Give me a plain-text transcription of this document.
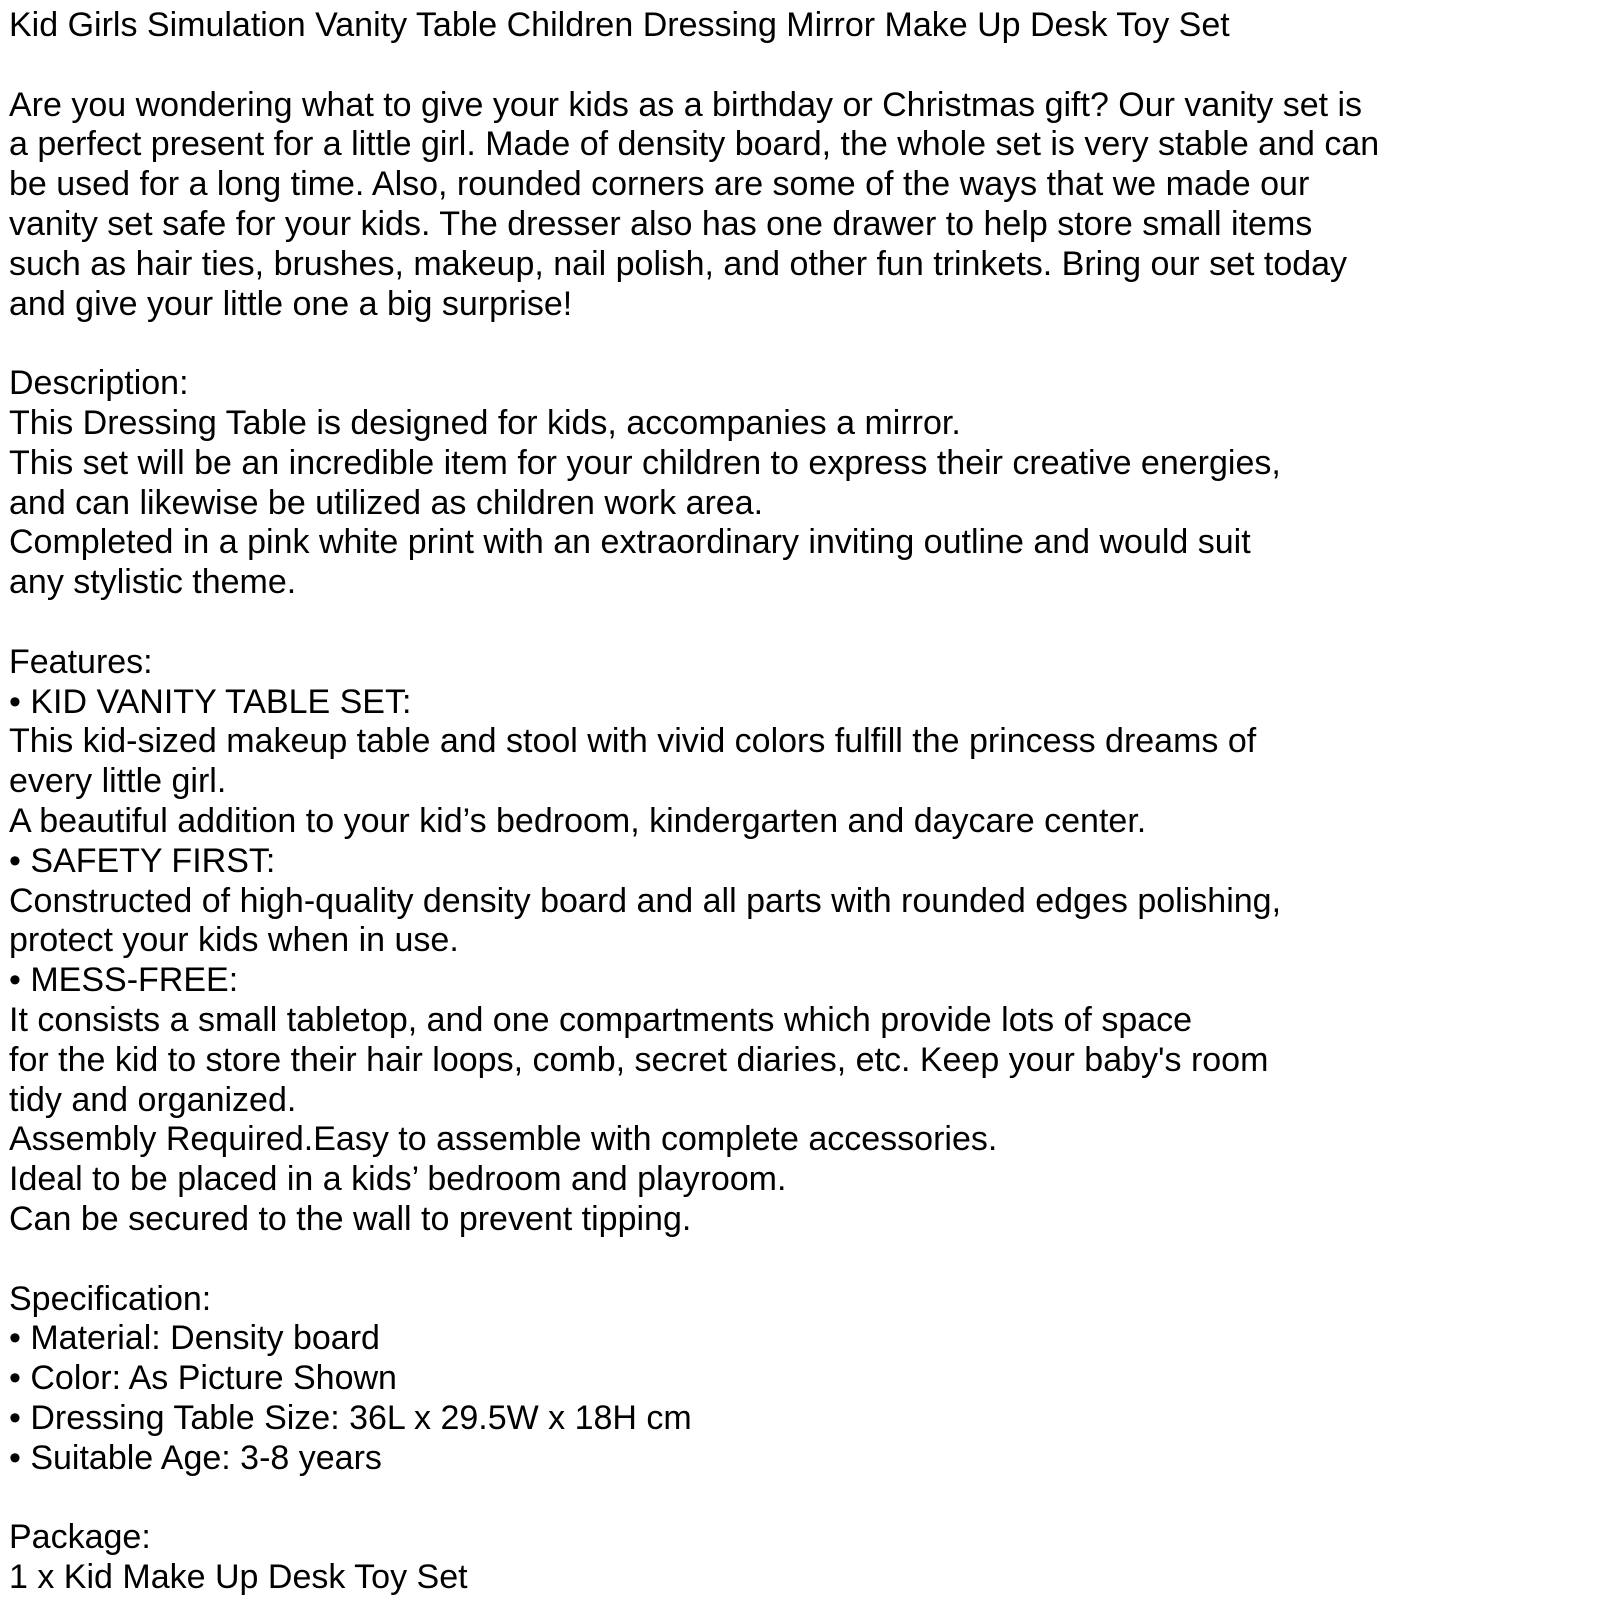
Kid Girls Simulation Vanity Table Children Dressing Mirror Make Up Desk Toy Set
Are you wondering what to give your kids as a birthday or Christmas gift? Our vanity set is
a perfect present for a little girl. Made of density board, the whole set is very stable and can
be used for a long time. Also, rounded corners are some of the ways that we made our
vanity set safe for your kids. The dresser also has one drawer to help store small items
such as hair ties, brushes, makeup, nail polish, and other fun trinkets. Bring our set today
and give your little one a big surprise!
Description:
This Dressing Table is designed for kids, accompanies a mirror.
This set will be an incredible item for your children to express their creative energies,
and can likewise be utilized as children work area.
Completed in a pink white print with an extraordinary inviting outline and would suit
any stylistic theme.
Features:
• KID VANITY TABLE SET:
This kid-sized makeup table and stool with vivid colors fulfill the princess dreams of
every little girl.
A beautiful addition to your kid’s bedroom, kindergarten and daycare center.
• SAFETY FIRST:
Constructed of high-quality density board and all parts with rounded edges polishing,
protect your kids when in use.
• MESS-FREE:
It consists a small tabletop, and one compartments which provide lots of space
for the kid to store their hair loops, comb, secret diaries, etc. Keep your baby's room
tidy and organized.
Assembly Required.Easy to assemble with complete accessories.
Ideal to be placed in a kids’ bedroom and playroom.
Can be secured to the wall to prevent tipping.
Specification:
• Material: Density board
• Color: As Picture Shown
• Dressing Table Size: 36L x 29.5W x 18H cm
• Suitable Age: 3-8 years
Package:
1 x Kid Make Up Desk Toy Set
